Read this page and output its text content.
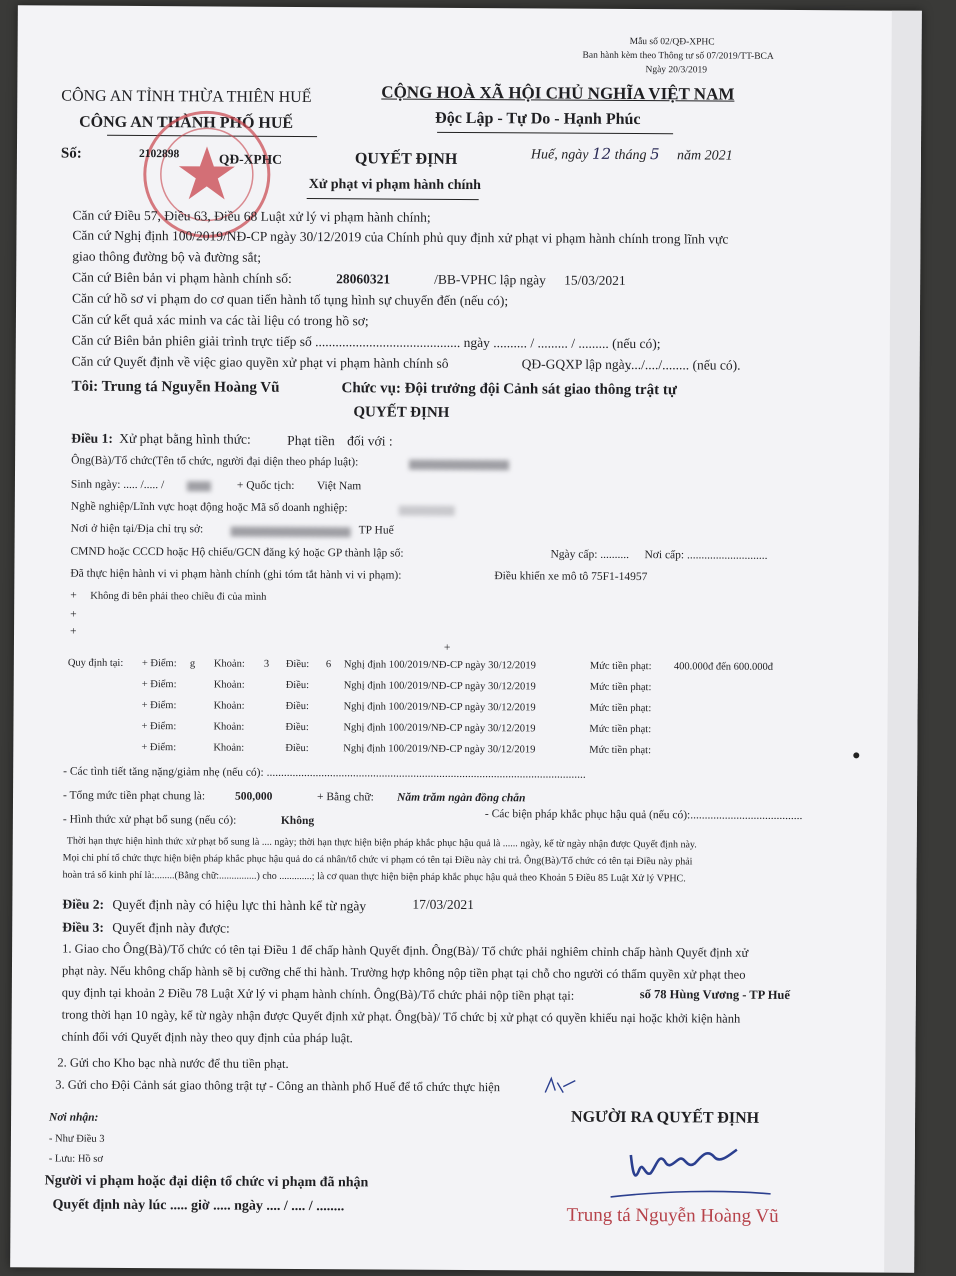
Mẫu số 02/QĐ-XPHC
Ban hành kèm theo Thông tư số 07/2019/TT-BCA
Ngày 20/3/2019
CÔNG AN TỈNH THỪA THIÊN HUẾ
CÔNG AN THÀNH PHỐ HUẾ
CỘNG HOÀ XÃ HỘI CHỦ NGHĨA VIỆT NAM
Độc Lập - Tự Do - Hạnh Phúc
Số:	2102898	QĐ-XPHC	QUYẾT ĐỊNH
Xử phạt vi phạm hành chính
Huế, ngày 12 tháng 5 năm 2021
Căn cứ Điều 57, Điều 63, Điều 68 Luật xử lý vi phạm hành chính;
Căn cứ Nghị định 100/2019/NĐ-CP ngày 30/12/2019 của Chính phủ quy định xử phạt vi phạm hành chính trong lĩnh vực
giao thông đường bộ và đường sắt;
Căn cứ Biên bản vi phạm hành chính số:	28060321	/BB-VPHC lập ngày 15/03/2021
Căn cứ hồ sơ vi phạm do cơ quan tiến hành tố tụng hình sự chuyển đến (nếu có);
Căn cứ kết quả xác minh va các tài liệu có trong hồ sơ;
Căn cứ Biên bản phiên giải trình trực tiếp số ........................................... ngày .......... / ......... / ......... (nếu có);
Căn cứ Quyết định về việc giao quyền xử phạt vi phạm hành chính sô	QĐ-GQXP lập ngày
..../..../........ (nếu có).
Tôi: Trung tá Nguyễn Hoàng Vũ	Chức vụ: Đội trưởng đội Cảnh sát giao thông trật tự
QUYẾT ĐỊNH
Điều 1: Xử phạt bằng hình thức:	Phạt tiền đối với :
Ông(Bà)/Tổ chức(Tên tổ chức, người đại diện theo pháp luật):
Sinh ngày: ..... /..... /	+ Quốc tịch: Việt Nam
Nghề nghiệp/Lĩnh vực hoạt động hoặc Mã số doanh nghiệp:
Nơi ở hiện tại/Địa chỉ trụ sở:	TP Huế
CMND hoặc CCCD hoặc Hộ chiếu/GCN đăng ký hoặc GP thành lập số:	Ngày cấp: .......... Nơi cấp: ............................
Đã thực hiện hành vi vi phạm hành chính (ghi tóm tắt hành vi vi phạm):	Điều khiển xe mô tô 75F1-14957
+ Không đi bên phải theo chiều đi của mình
+
+
+
Quy định tại: + Điểm: g Khoản: 3 Điều: 6 Nghị định 100/2019/NĐ-CP ngày 30/12/2019	Mức tiền phạt: 400.000đ đến 600.000đ
+ Điểm:	Khoản:	Điều:	Nghị định 100/2019/NĐ-CP ngày 30/12/2019	Mức tiền phạt:
+ Điểm:	Khoản:	Điều:	Nghị định 100/2019/NĐ-CP ngày 30/12/2019	Mức tiền phạt:
+ Điểm:	Khoản:	Điều:	Nghị định 100/2019/NĐ-CP ngày 30/12/2019	Mức tiền phạt:
+ Điểm:	Khoản:	Điều:	Nghị định 100/2019/NĐ-CP ngày 30/12/2019	Mức tiền phạt:
- Các tình tiết tăng nặng/giảm nhẹ (nếu có): ...............................................................................................................
- Tổng mức tiền phạt chung là:	500,000	+ Bằng chữ: Năm trăm ngàn đồng chẵn
- Hình thức xử phạt bổ sung (nếu có):	Không	- Các biện pháp khắc phục hậu quả (nếu có):.......................................
Thời hạn thực hiện hình thức xử phạt bổ sung là .... ngày; thời hạn thực hiện biện pháp khắc phục hậu quả là ...... ngày, kể từ ngày nhận được Quyết định này.
Mọi chi phí tổ chức thực hiện biện pháp khắc phục hậu quả do cá nhân/tổ chức vi phạm có tên tại Điều này chi trả. Ông(Bà)/Tổ chức có tên tại Điều này phải
hoàn trả số kinh phí là:........(Bằng chữ:...............) cho .............; là cơ quan thực hiện biện pháp khắc phục hậu quả theo Khoản 5 Điều 85 Luật Xử lý VPHC.
Điều 2: Quyết định này có hiệu lực thi hành kể từ ngày	17/03/2021
Điều 3: Quyết định này được:
1. Giao cho Ông(Bà)/Tổ chức có tên tại Điều 1 để chấp hành Quyết định. Ông(Bà)/ Tổ chức phải nghiêm chỉnh chấp hành Quyết định xử
phạt này. Nếu không chấp hành sẽ bị cưỡng chế thi hành. Trường hợp không nộp tiền phạt tại chỗ cho người có thẩm quyền xử phạt theo
quy định tại khoản 2 Điều 78 Luật Xử lý vi phạm hành chính. Ông(Bà)/Tổ chức phải nộp tiền phạt tại:	số 78 Hùng Vương - TP Huế
trong thời hạn 10 ngày, kể từ ngày nhận được Quyết định xử phạt. Ông(bà)/ Tổ chức bị xử phạt có quyền khiếu nại hoặc khởi kiện hành
chính đối với Quyết định này theo quy định của pháp luật.
2. Gửi cho Kho bạc nhà nước để thu tiền phạt.
3. Gửi cho Đội Cảnh sát giao thông trật tự - Công an thành phố Huế để tổ chức thực hiện
Nơi nhận:
- Như Điều 3
- Lưu: Hồ sơ
Người vi phạm hoặc đại diện tổ chức vi phạm đã nhận
Quyết định này lúc ..... giờ ..... ngày .... / .... / ........
NGƯỜI RA QUYẾT ĐỊNH
Trung tá Nguyễn Hoàng Vũ
